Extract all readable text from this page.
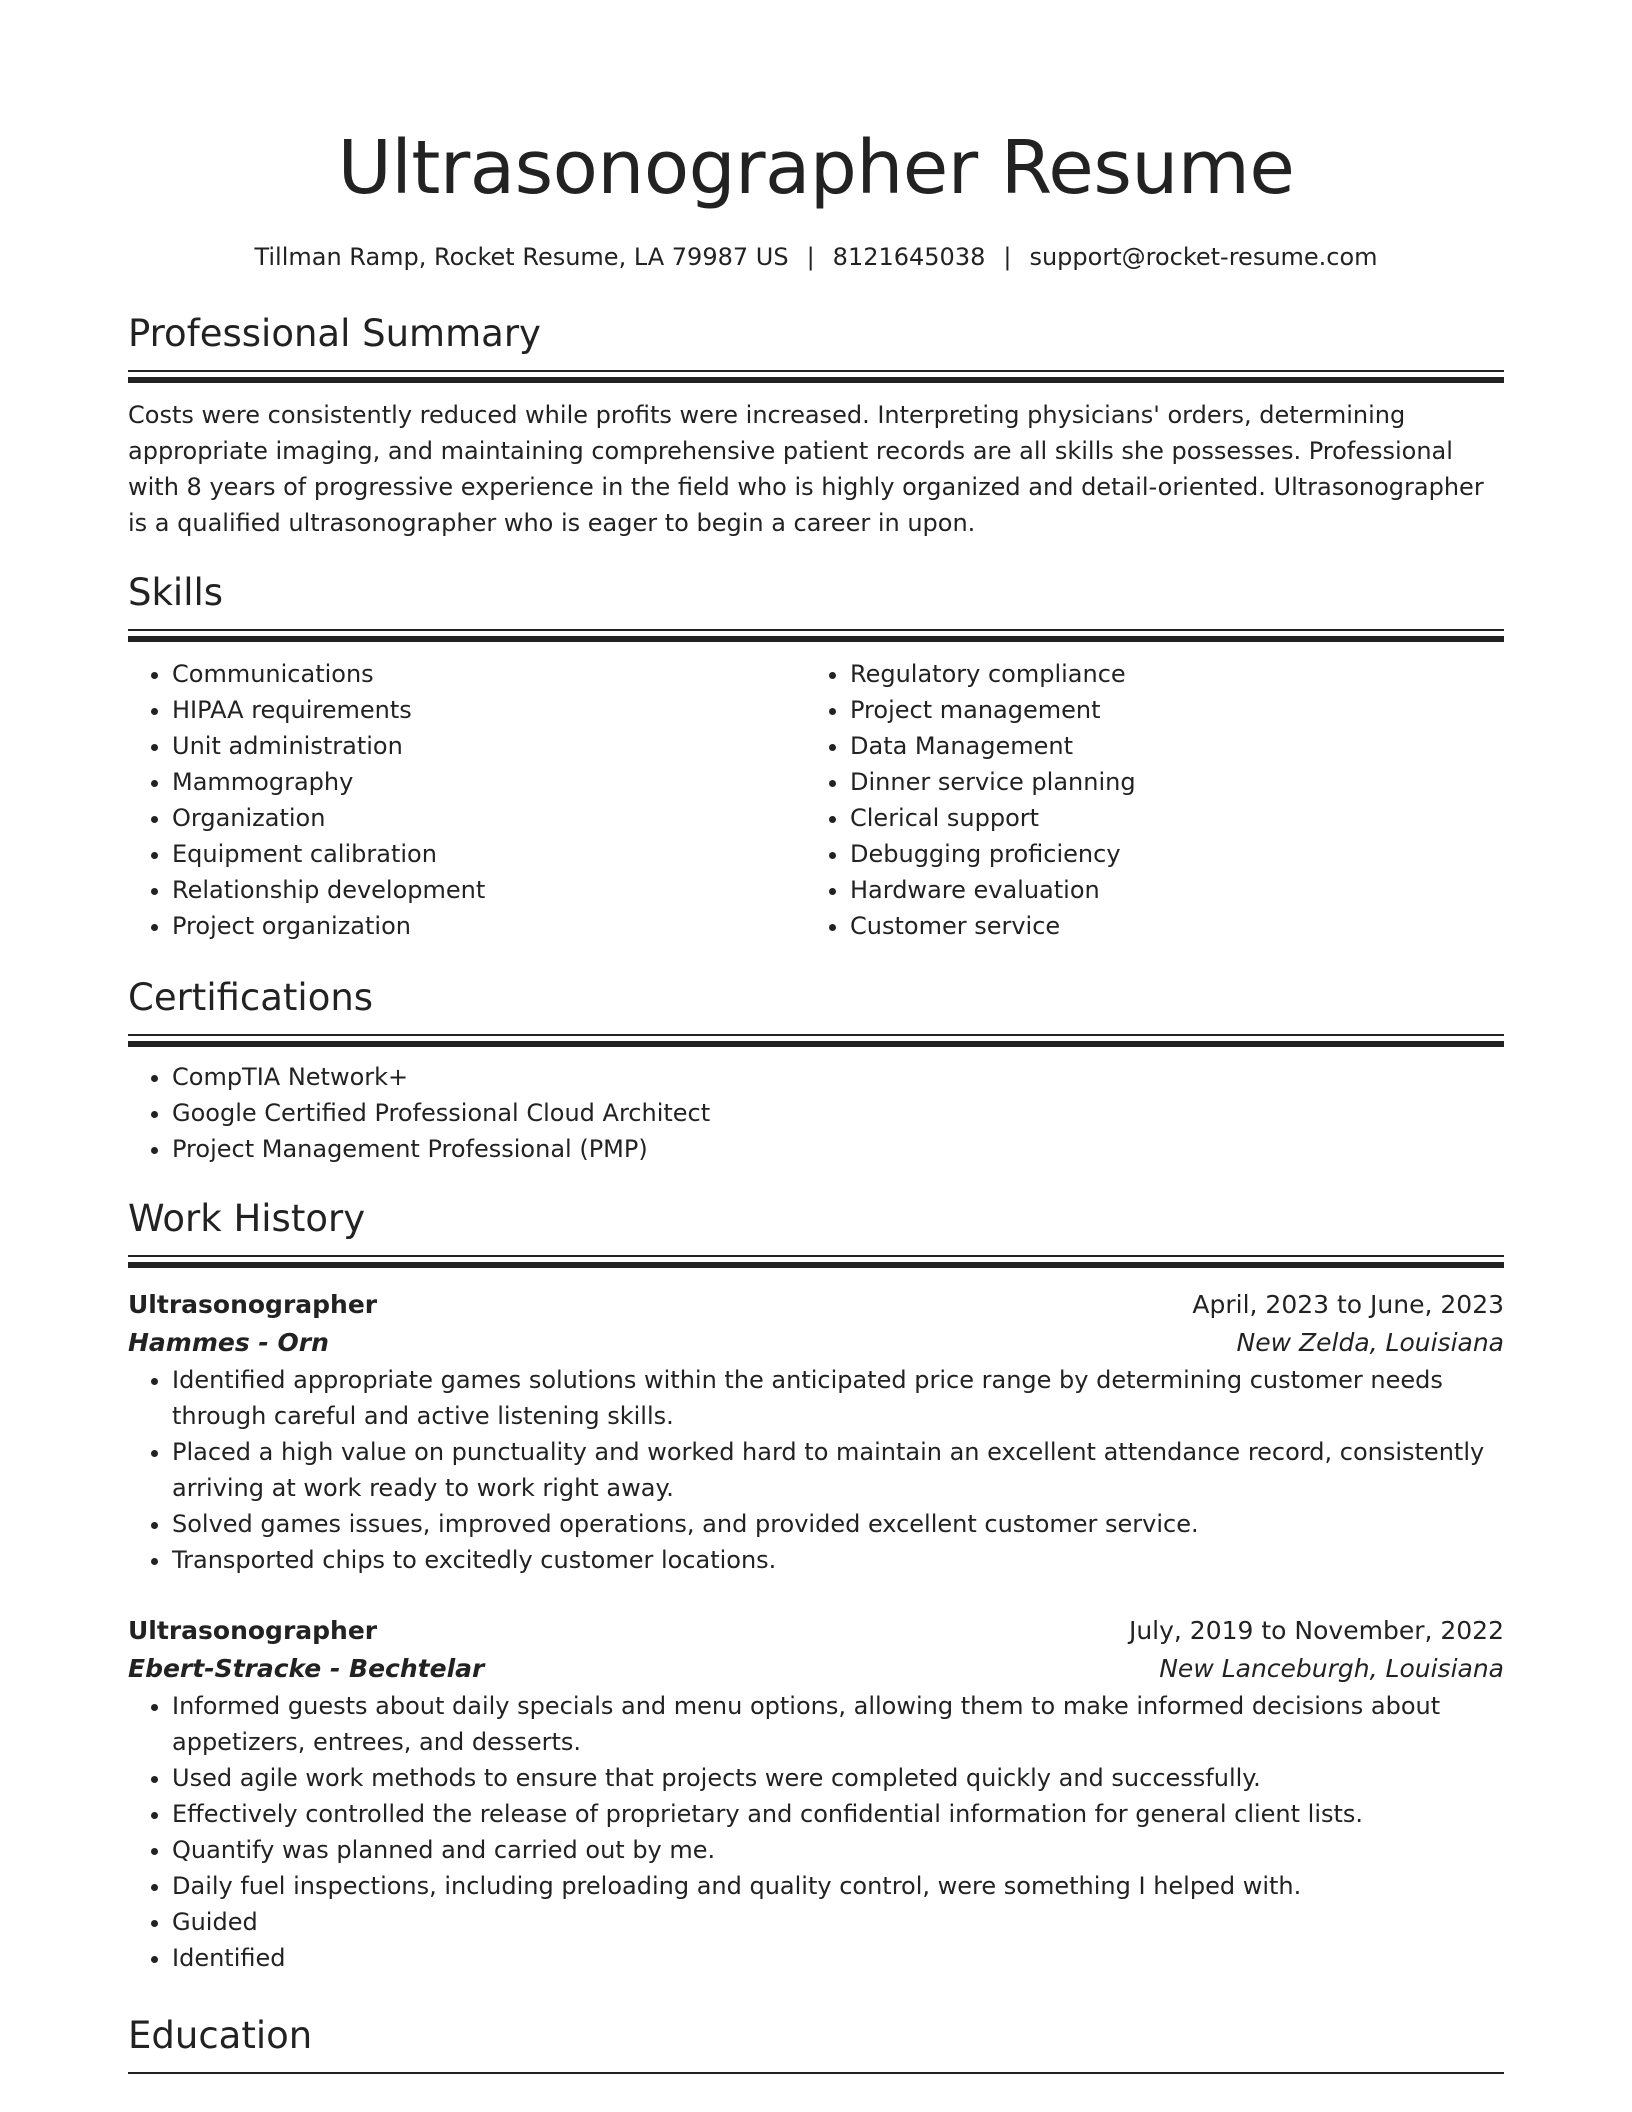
Ultrasonographer Resume
Tillman Ramp, Rocket Resume, LA 79987 US | 8121645038 | support@rocket-resume.com
Professional Summary

Costs were consistently reduced while profits were increased. Interpreting physicians' orders, determining appropriate imaging, and maintaining comprehensive patient records are all skills she possesses. Professional with 8 years of progressive experience in the field who is highly organized and detail-oriented. Ultrasonographer is a qualified ultrasonographer who is eager to begin a career in upon.

Skills
• Communications
• HIPAA requirements
• Unit administration
• Mammography
• Organization
• Equipment calibration
• Relationship development
• Project organization
• Regulatory compliance
• Project management
• Data Management
• Dinner service planning
• Clerical support
• Debugging proficiency
• Hardware evaluation
• Customer service
Certifications
• CompTIA Network+
• Google Certified Professional Cloud Architect
• Project Management Professional (PMP)
Work History
Ultrasonographer	April, 2023 to June, 2023
Hammes - Orn	New Zelda, Louisiana
• Identified appropriate games solutions within the anticipated price range by determining customer needs through careful and active listening skills.
• Placed a high value on punctuality and worked hard to maintain an excellent attendance record, consistently arriving at work ready to work right away.
• Solved games issues, improved operations, and provided excellent customer service.
• Transported chips to excitedly customer locations.
Ultrasonographer	July, 2019 to November, 2022
Ebert-Stracke - Bechtelar	New Lanceburgh, Louisiana
• Informed guests about daily specials and menu options, allowing them to make informed decisions about appetizers, entrees, and desserts.
• Used agile work methods to ensure that projects were completed quickly and successfully.
• Effectively controlled the release of proprietary and confidential information for general client lists.
• Quantify was planned and carried out by me.
• Daily fuel inspections, including preloading and quality control, were something I helped with.
• Guided
• Identified
Education
